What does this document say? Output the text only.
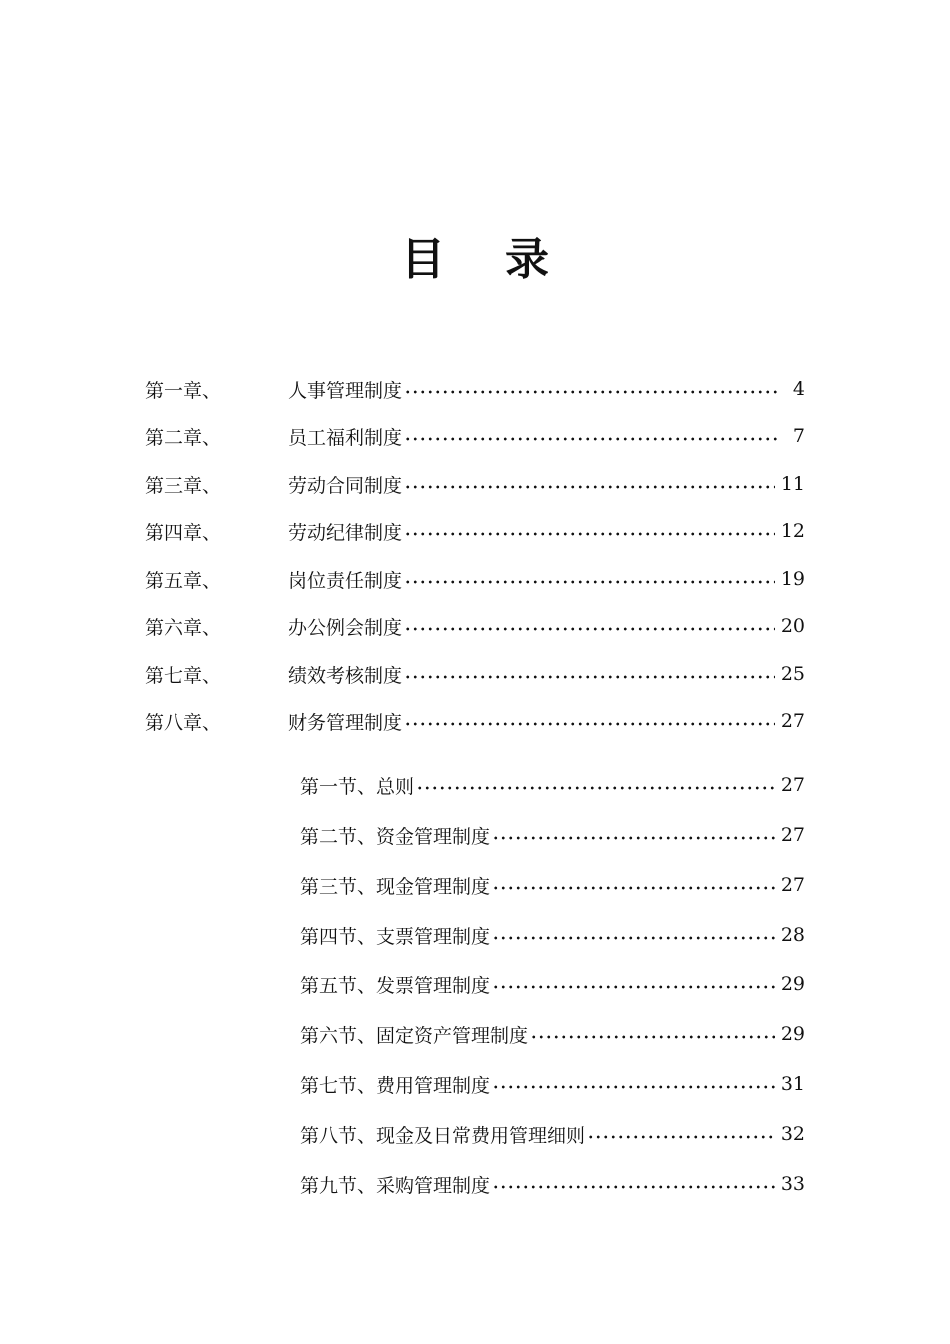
目 录
第一章、	人事管理制度	4
第二章、	员工福利制度	7
第三章、	劳动合同制度	11
第四章、	劳动纪律制度	12
第五章、	岗位责任制度	19
第六章、	办公例会制度	20
第七章、	绩效考核制度	25
第八章、	财务管理制度	27
第一节、总则	27
第二节、资金管理制度	27
第三节、现金管理制度	27
第四节、支票管理制度	28
第五节、发票管理制度	29
第六节、固定资产管理制度	29
第七节、费用管理制度	31
第八节、现金及日常费用管理细则	32
第九节、采购管理制度	33
